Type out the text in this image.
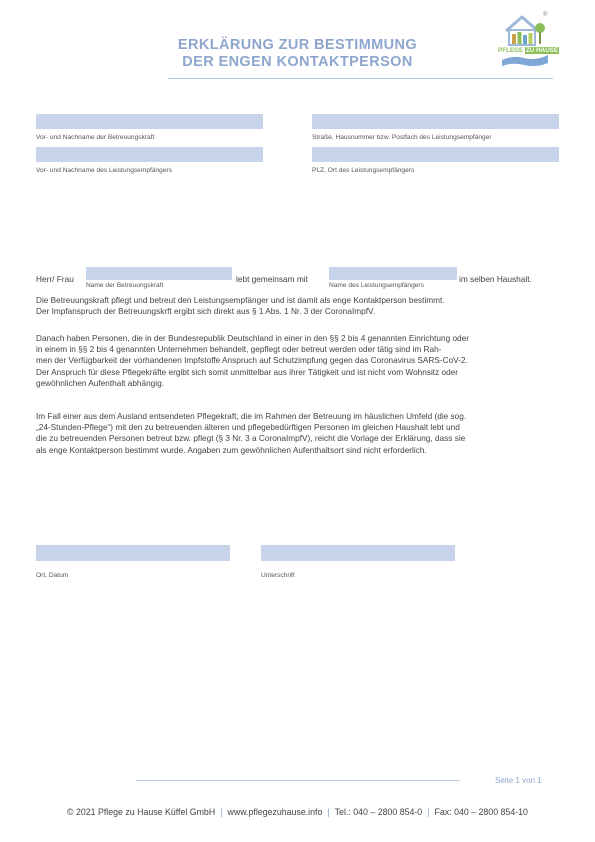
PFLEGE ZU HAUSE
®
ERKLÄRUNG ZUR BESTIMMUNG
DER ENGEN KONTAKTPERSON
Vor- und Nachname der Betreuungskraft	Straße, Hausnummer bzw. Postfach des Leistungsempfänger
Vor- und Nachname des Leistungsempfängers	PLZ, Ort des Leistungsempfängers
Herr/ Frau
Name der Betreuungskraft
lebt gemeinsam mit
Name des Leistungsempfängers
im selben Haushalt.
Die Betreuungskraft pflegt und betreut den Leistungsempfänger und ist damit als enge Kontaktperson bestimmt.
Der Impfanspruch der Betreuungskrft ergibt sich direkt aus § 1 Abs. 1 Nr. 3 der CoronaImpfV.
Danach haben Personen, die in der Bundesrepublik Deutschland in einer in den §§ 2 bis 4 genannten Einrichtung oder
in einem in §§ 2 bis 4 genannten Unternehmen behandelt, gepflegt oder betreut werden oder tätig sind im Rah-
men der Verfügbarkeit der vorhandenen Impfstoffe Anspruch auf Schutzimpfung gegen das Coronavirus SARS-CoV-2.
Der Anspruch für diese Pflegekräfte ergibt sich somit unmittelbar aus ihrer Tätigkeit und ist nicht vom Wohnsitz oder
gewöhnlichen Aufenthalt abhängig.
Im Fall einer aus dem Ausland entsendeten Pflegekraft, die im Rahmen der Betreuung im häuslichen Umfeld (die sog.
„24-Stunden-Pflege“) mit den zu betreuenden älteren und pflegebedürftigen Personen im gleichen Haushalt lebt und
die zu betreuenden Personen betreut bzw. pflegt (§ 3 Nr. 3 a CoronaImpfV), reicht die Vorlage der Erklärung, dass sie
als enge Kontaktperson bestimmt wurde. Angaben zum gewöhnlichen Aufenthaltsort sind nicht erforderlich.
Ort, Datum	Unterschrift
Seite 1 von 1
© 2021 Pflege zu Hause Küffel GmbH | www.pflegezuhause.info | Tel.: 040 – 2800 854-0 | Fax: 040 – 2800 854-10
